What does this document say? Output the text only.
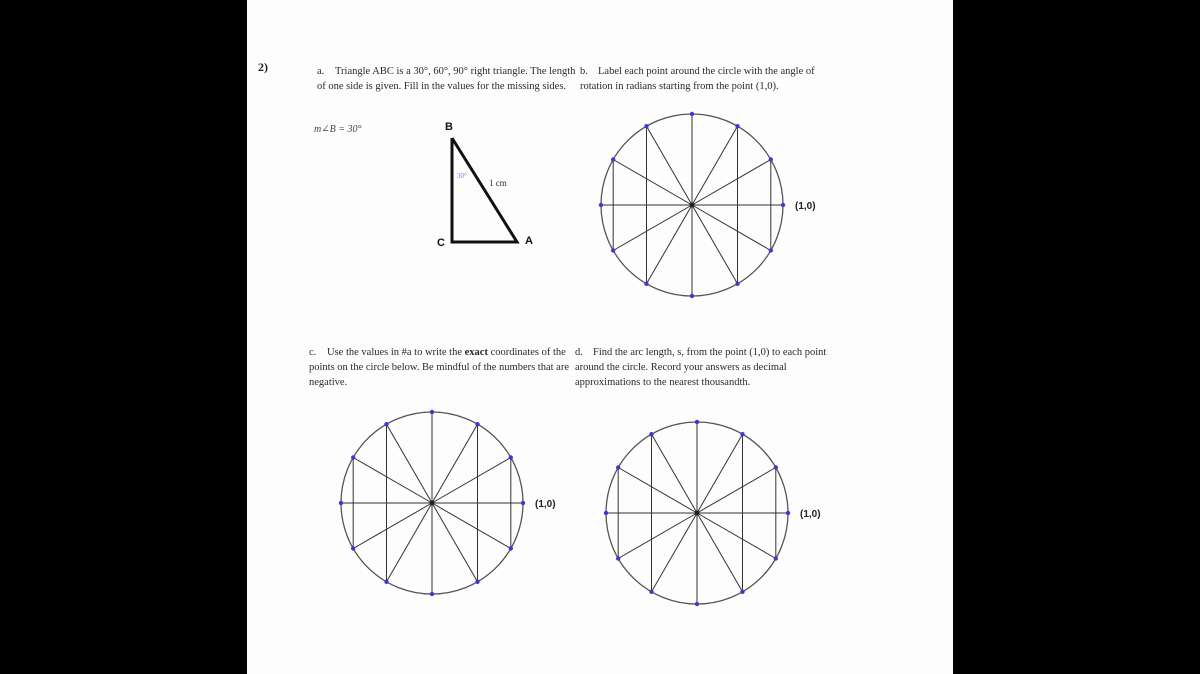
2)	a. Triangle ABC is a 30°, 60°, 90° right triangle. The length of one side is given. Fill in the values for the missing sides.
m∠B = 30°	B
C	A
1 cm
30°
b. Label each point around the circle with the angle of rotation in radians starting from the point (1,0).
c. Use the values in #a to write the exact coordinates of the points on the circle below. Be mindful of the numbers that are negative.
d. Find the arc length, s, from the point (1,0) to each point around the circle. Record your answers as decimal approximations to the nearest thousandth.
(1,0)
(1,0)
(1,0)
